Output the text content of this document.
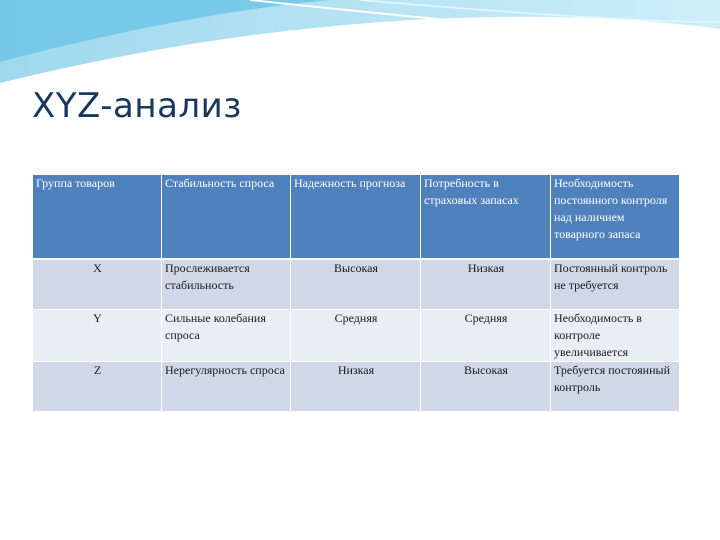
XYZ-анализ
Группа товаров	Стабильность спроса	Надежность прогноза	Потребность в страховых запасах	Необходимость постоянного контроля над наличием товарного запаса
X	Прослеживается стабильность	Высокая	Низкая	Постоянный контроль не требуется
Y	Сильные колебания спроса	Средняя	Средняя	Необходимость в контроле увеличивается
Z	Нерегулярность спроса	Низкая	Высокая	Требуется постоянный контроль
